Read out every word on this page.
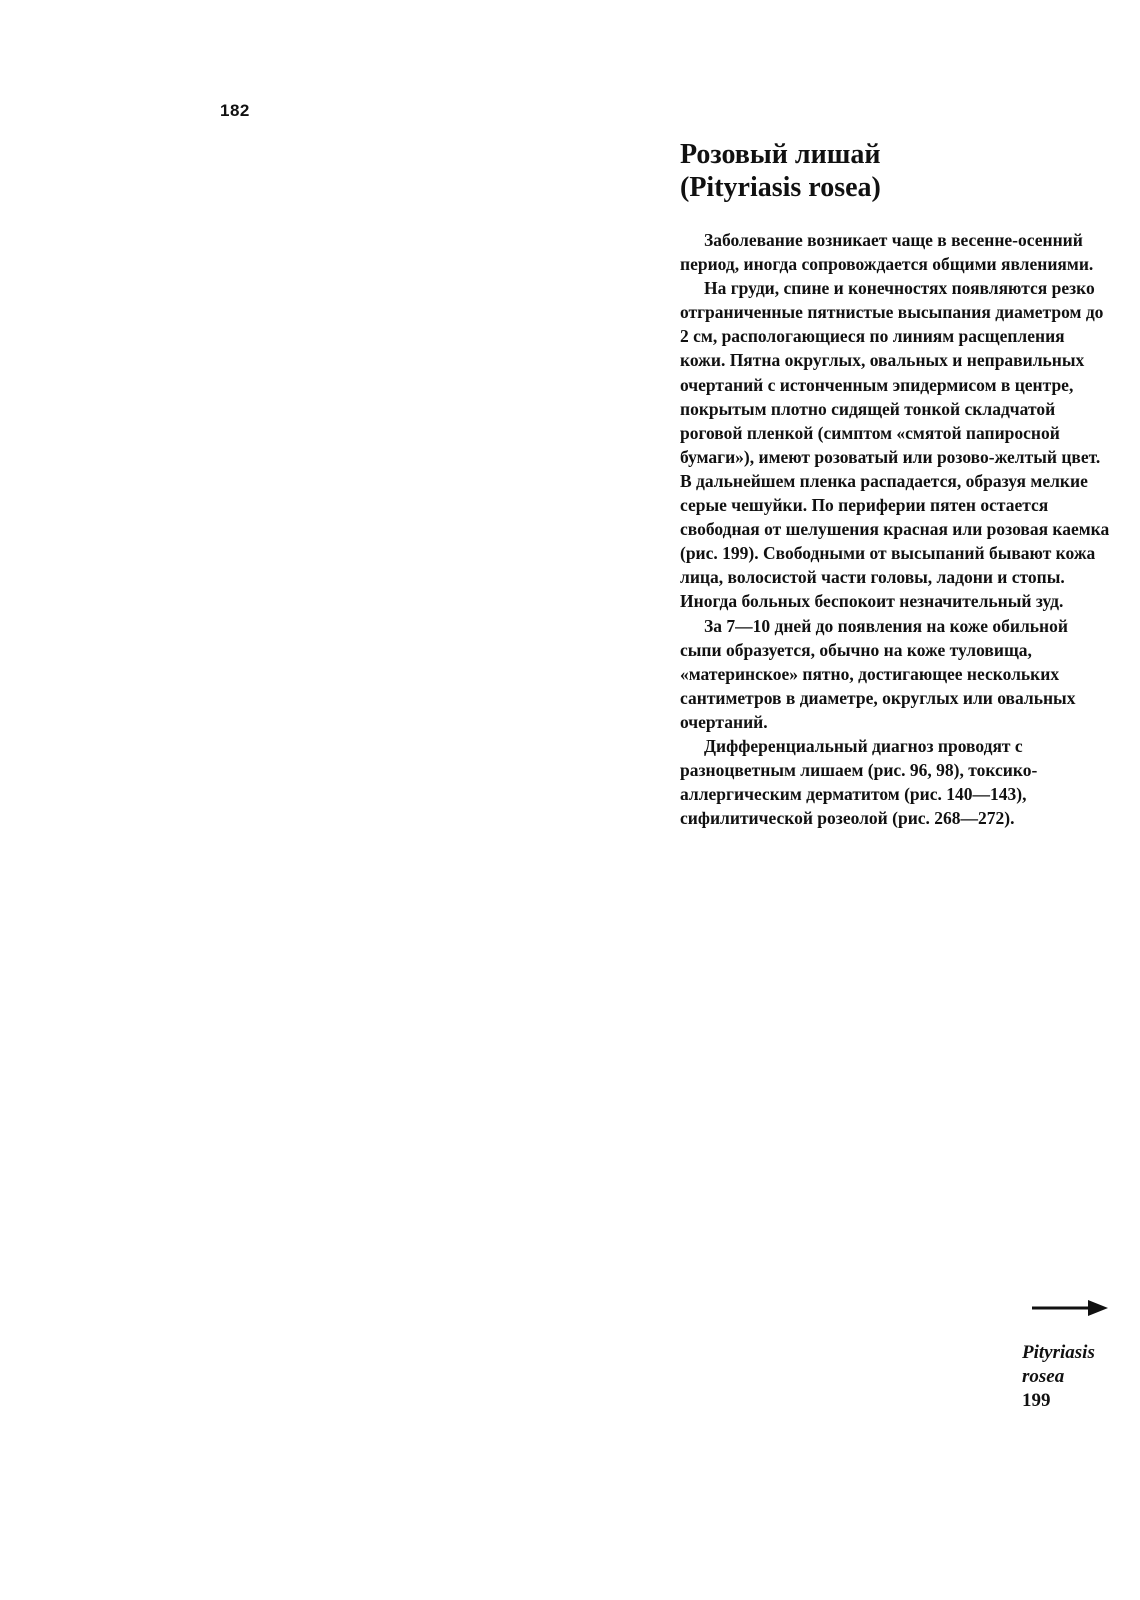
182
Розовый лишай
(Pityriasis rosea)

Заболевание возникает чаще в весенне-осенний период, иногда сопровождается общими явлениями.

На груди, спине и конечностях появляются резко отграниченные пятнистые высыпания диаметром до 2 см, распологающиеся по линиям расщепления кожи. Пятна округлых, овальных и неправильных очертаний с истонченным эпидермисом в центре, покрытым плотно сидящей тонкой складчатой роговой пленкой (симптом «смятой папиросной бумаги»), имеют розоватый или розово-желтый цвет. В дальнейшем пленка распадается, образуя мелкие серые чешуйки. По периферии пятен остается свободная от шелушения красная или розовая каемка (рис. 199). Свободными от высыпаний бывают кожа лица, волосистой части головы, ладони и стопы. Иногда больных беспокоит незначительный зуд.

За 7—10 дней до появления на коже обильной сыпи образуется, обычно на коже туловища, «материнское» пятно, достигающее нескольких сантиметров в диаметре, округлых или овальных очертаний.

Дифференциальный диагноз проводят с разноцветным лишаем (рис. 96, 98), токсико-аллергическим дерматитом (рис. 140—143), сифилитической розеолой (рис. 268—272).

Pityriasis
rosea
199
